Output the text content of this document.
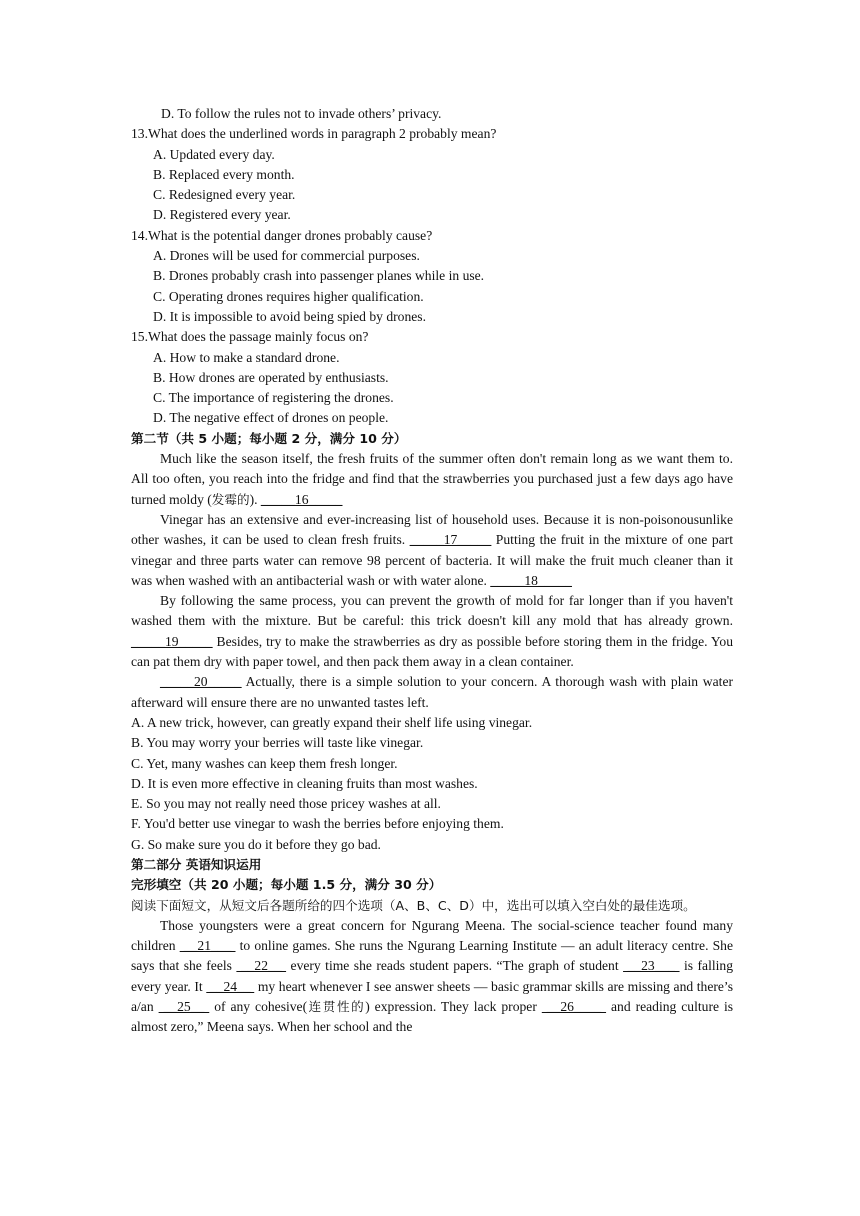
D. To follow the rules not to invade others’ privacy.
13.What does the underlined words in paragraph 2 probably mean?
A. Updated every day.
B. Replaced every month.
C. Redesigned every year.
D. Registered every year.
14.What is the potential danger drones probably cause?
A. Drones will be used for commercial purposes.
B. Drones probably crash into passenger planes while in use.
C. Operating drones requires higher qualification.
D. It is impossible to avoid being spied by drones.
15.What does the passage mainly focus on?
A. How to make a standard drone.
B. How drones are operated by enthusiasts.
C. The importance of registering the drones.
D. The negative effect of drones on people.
第二节（共 5 小题；每小题 2 分，满分 10 分）
Much like the season itself, the fresh fruits of the summer often don't remain long as we want them to. All too often, you reach into the fridge and find that the strawberries you purchased just a few days ago have turned moldy (发霉的). _____16_____
Vinegar has an extensive and ever-increasing list of household uses. Because it is non-poisonousunlike other washes, it can be used to clean fresh fruits. _____17_____ Putting the fruit in the mixture of one part vinegar and three parts water can remove 98 percent of bacteria. It will make the fruit much cleaner than it was when washed with an antibacterial wash or with water alone. _____18_____
By following the same process, you can prevent the growth of mold for far longer than if you haven't washed them with the mixture. But be careful: this trick doesn't kill any mold that has already grown. _____19_____ Besides, try to make the strawberries as dry as possible before storing them in the fridge. You can pat them dry with paper towel, and then pack them away in a clean container.
_____20_____ Actually, there is a simple solution to your concern. A thorough wash with plain water afterward will ensure there are no unwanted tastes left.
A. A new trick, however, can greatly expand their shelf life using vinegar.
B. You may worry your berries will taste like vinegar.
C. Yet, many washes can keep them fresh longer.
D. It is even more effective in cleaning fruits than most washes.
E. So you may not really need those pricey washes at all.
F. You'd better use vinegar to wash the berries before enjoying them.
G. So make sure you do it before they go bad.
第二部分 英语知识运用
完形填空（共 20 小题；每小题 1.5 分，满分 30 分）
阅读下面短文，从短文后各题所给的四个选项（A、B、C、D）中，选出可以填入空白处的最佳选项。
Those youngsters were a great concern for Ngurang Meena. The social-science teacher found many children  __21___  to online games. She runs the Ngurang Learning Institute — an adult literacy centre. She says that she feels  __22__  every time she reads student papers. “The graph of student  __23___  is falling every year. It  __24__  my heart whenever I see answer sheets — basic grammar skills are missing and there’s a/an  __25__  of any cohesive(连贯性的) expression. They lack proper  __26____  and reading culture is almost zero,” Meena says. When her school and the
